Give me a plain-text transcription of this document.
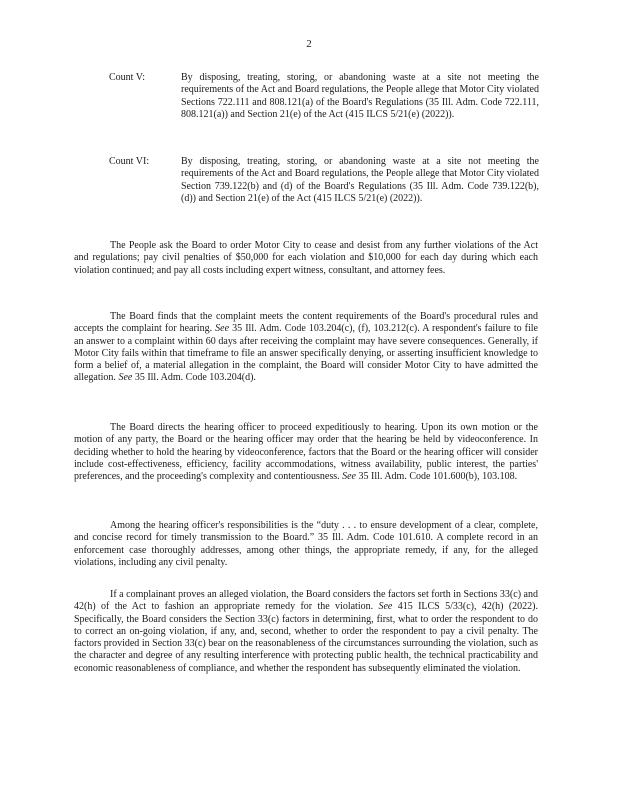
2
Count V:	By disposing, treating, storing, or abandoning waste at a site not meeting the requirements of the Act and Board regulations, the People allege that Motor City violated Sections 722.111 and 808.121(a) of the Board's Regulations (35 Ill. Adm. Code 722.111, 808.121(a)) and Section 21(e) of the Act (415 ILCS 5/21(e) (2022)).
Count VI:	By disposing, treating, storing, or abandoning waste at a site not meeting the requirements of the Act and Board regulations, the People allege that Motor City violated Section 739.122(b) and (d) of the Board's Regulations (35 Ill. Adm. Code 739.122(b), (d)) and Section 21(e) of the Act (415 ILCS 5/21(e) (2022)).

The People ask the Board to order Motor City to cease and desist from any further violations of the Act and regulations; pay civil penalties of $50,000 for each violation and $10,000 for each day during which each violation continued; and pay all costs including expert witness, consultant, and attorney fees.

The Board finds that the complaint meets the content requirements of the Board's procedural rules and accepts the complaint for hearing. See 35 Ill. Adm. Code 103.204(c), (f), 103.212(c). A respondent's failure to file an answer to a complaint within 60 days after receiving the complaint may have severe consequences. Generally, if Motor City fails within that timeframe to file an answer specifically denying, or asserting insufficient knowledge to form a belief of, a material allegation in the complaint, the Board will consider Motor City to have admitted the allegation. See 35 Ill. Adm. Code 103.204(d).

The Board directs the hearing officer to proceed expeditiously to hearing. Upon its own motion or the motion of any party, the Board or the hearing officer may order that the hearing be held by videoconference. In deciding whether to hold the hearing by videoconference, factors that the Board or the hearing officer will consider include cost-effectiveness, efficiency, facility accommodations, witness availability, public interest, the parties' preferences, and the proceeding's complexity and contentiousness. See 35 Ill. Adm. Code 101.600(b), 103.108.

Among the hearing officer's responsibilities is the “duty . . . to ensure development of a clear, complete, and concise record for timely transmission to the Board.” 35 Ill. Adm. Code 101.610. A complete record in an enforcement case thoroughly addresses, among other things, the appropriate remedy, if any, for the alleged violations, including any civil penalty.

If a complainant proves an alleged violation, the Board considers the factors set forth in Sections 33(c) and 42(h) of the Act to fashion an appropriate remedy for the violation. See 415 ILCS 5/33(c), 42(h) (2022). Specifically, the Board considers the Section 33(c) factors in determining, first, what to order the respondent to do to correct an on-going violation, if any, and, second, whether to order the respondent to pay a civil penalty. The factors provided in Section 33(c) bear on the reasonableness of the circumstances surrounding the violation, such as the character and degree of any resulting interference with protecting public health, the technical practicability and economic reasonableness of compliance, and whether the respondent has subsequently eliminated the violation.
